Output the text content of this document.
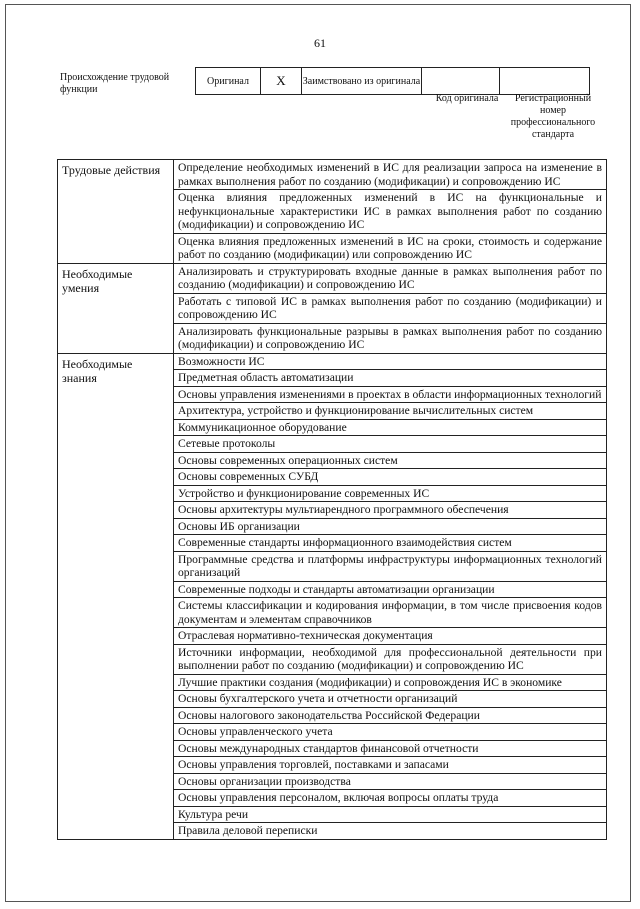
61
Происхождение трудовой функции
Оригинал	X	Заимствовано из оригинала		
Код оригинала	Регистрационный номер профессионального стандарта
Трудовые действия	Определение необходимых изменений в ИС для реализации запроса на изменение в рамках выполнения работ по созданию (модификации) и сопровождению ИС
	Оценка влияния предложенных изменений в ИС на функциональные и нефункциональные характеристики ИС в рамках выполнения работ по созданию (модификации) и сопровождению ИС
	Оценка влияния предложенных изменений в ИС на сроки, стоимость и содержание работ по созданию (модификации) или сопровождению ИС
Необходимые умения	Анализировать и структурировать входные данные в рамках выполнения работ по созданию (модификации) и сопровождению ИС
	Работать с типовой ИС в рамках выполнения работ по созданию (модификации) и сопровождению ИС
	Анализировать функциональные разрывы в рамках выполнения работ по созданию (модификации) и сопровождению ИС
Необходимые знания	Возможности ИС
	Предметная область автоматизации
	Основы управления изменениями в проектах в области информационных технологий
	Архитектура, устройство и функционирование вычислительных систем
	Коммуникационное оборудование
	Сетевые протоколы
	Основы современных операционных систем
	Основы современных СУБД
	Устройство и функционирование современных ИС
	Основы архитектуры мультиарендного программного обеспечения
	Основы ИБ организации
	Современные стандарты информационного взаимодействия систем
	Программные средства и платформы инфраструктуры информационных технологий организаций
	Современные подходы и стандарты автоматизации организации
	Системы классификации и кодирования информации, в том числе присвоения кодов документам и элементам справочников
	Отраслевая нормативно-техническая документация
	Источники информации, необходимой для профессиональной деятельности при выполнении работ по созданию (модификации) и сопровождению ИС
	Лучшие практики создания (модификации) и сопровождения ИС в экономике
	Основы бухгалтерского учета и отчетности организаций
	Основы налогового законодательства Российской Федерации
	Основы управленческого учета
	Основы международных стандартов финансовой отчетности
	Основы управления торговлей, поставками и запасами
	Основы организации производства
	Основы управления персоналом, включая вопросы оплаты труда
	Культура речи
	Правила деловой переписки
